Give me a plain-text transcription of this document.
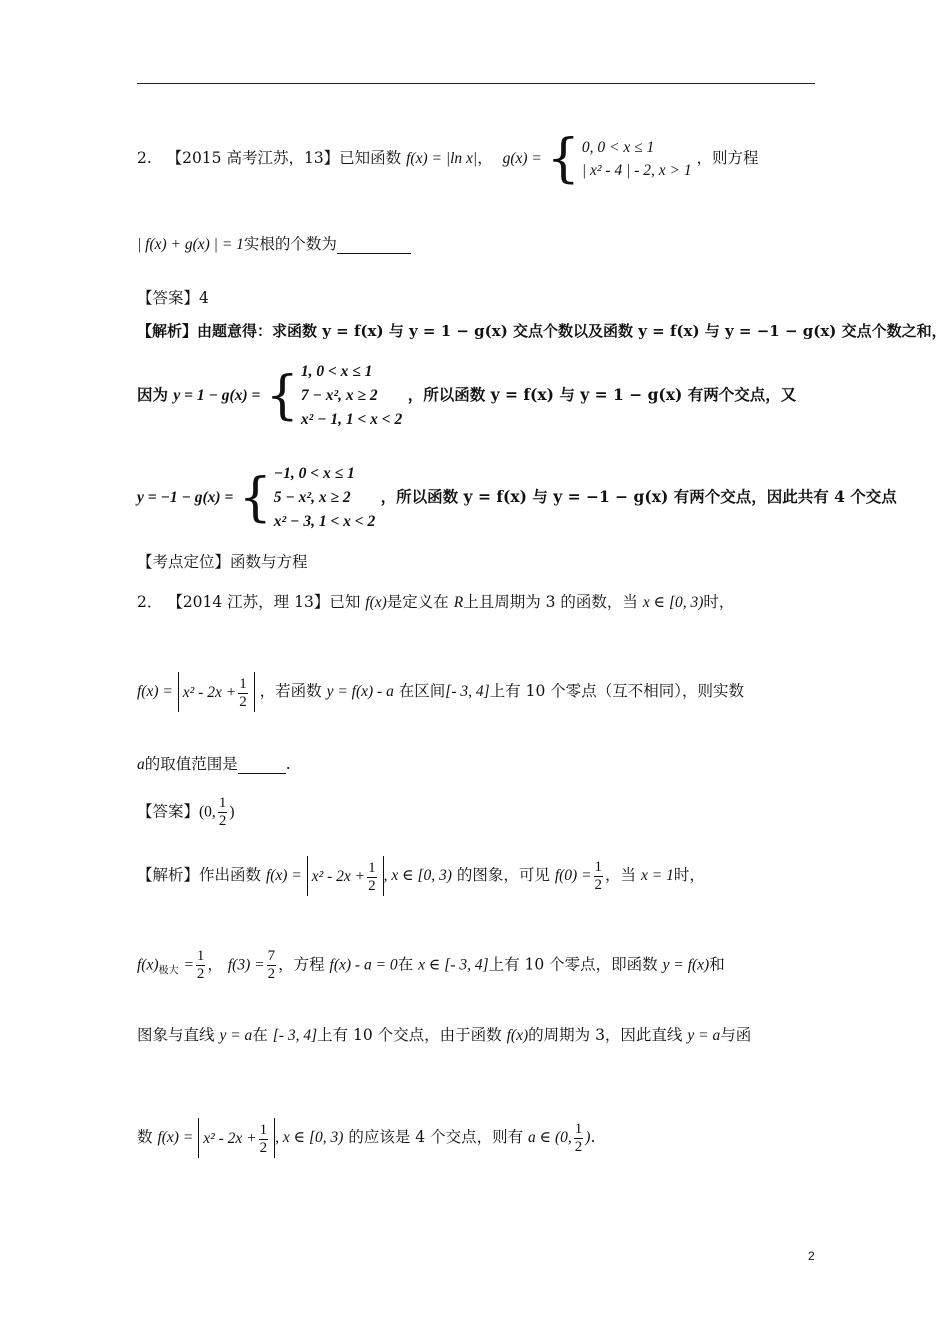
2. 【2015 高考江苏，13】已知函数 f(x) = |ln x|， g(x) = { 0, 0 < x ≤ 1
| x² - 4 | - 2, x > 1
，则方程
| f(x) + g(x) | = 1实根的个数为
【答案】4
【解析】由题意得：求函数 y = f(x) 与 y = 1 − g(x) 交点个数以及函数 y = f(x) 与 y = −1 − g(x) 交点个数之和，
因为 y = 1 − g(x) = { 1, 0 < x ≤ 1
7 − x², x ≥ 2
x² − 1, 1 < x < 2
，所以函数 y = f(x) 与 y = 1 − g(x) 有两个交点，又
y = −1 − g(x) = { −1, 0 < x ≤ 1
5 − x², x ≥ 2
x² − 3, 1 < x < 2
，所以函数 y = f(x) 与 y = −1 − g(x) 有两个交点，因此共有 4 个交点
【考点定位】函数与方程
2． 【2014 江苏，理 13】已知 f(x)是定义在 R上且周期为 3 的函数，当 x ∈ [0, 3)时，
$f(x) = x^2 - 2x + \frac{1}{2}$ ，若函数 y = f(x) - a 在区间[- 3, 4]上有 10 个零点（互不相同），则实数
a的取值范围是	.
【答案】(0, $\frac{1}{2}$ )
【解析】作出函数 $f(x) = x^2 - 2x + \frac{1}{2}$ , x ∈ [0, 3) 的图象，可见 $f(0) = \frac{1}{2}$ ，当 x = 1时，
$f(x)_{极大} = \frac{1}{2}$ ， $f(3) = \frac{7}{2}$ ，方程 f(x) - a = 0在 x ∈ [- 3, 4]上有 10 个零点，即函数 y = f(x)和
图象与直线 y = a在 [- 3, 4]上有 10 个交点，由于函数 f(x)的周期为 3，因此直线 y = a与函
数 $f(x) = x^2 - 2x + \frac{1}{2}$ , x ∈ [0, 3) 的应该是 4 个交点，则有 a ∈ (0, $\frac{1}{2}$ ).
2
